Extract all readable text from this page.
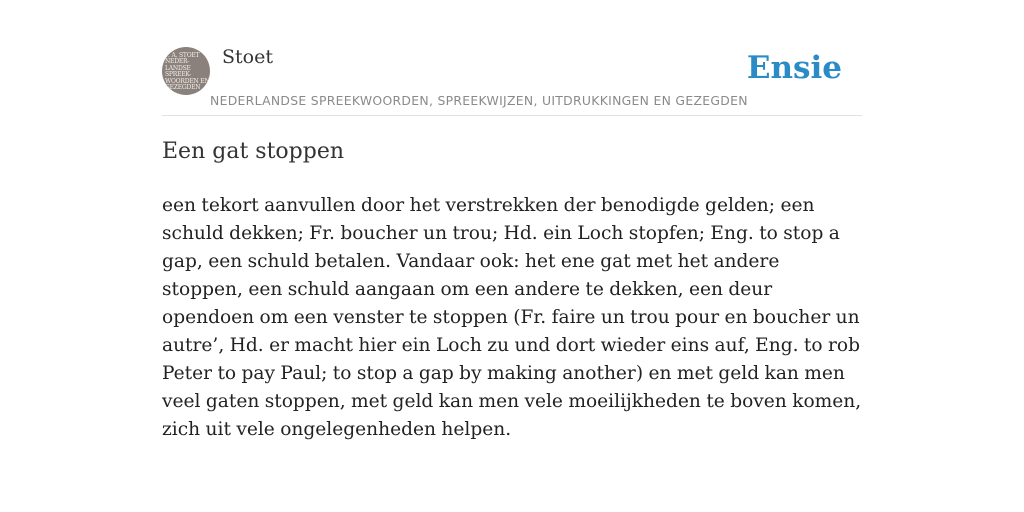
F. A. STOET
NEDER-
LANDSE
SPREEK-
WOORDEN EN
GEZEGDEN
Stoet
NEDERLANDSE SPREEKWOORDEN, SPREEKWIJZEN, UITDRUKKINGEN EN GEZEGDEN
Ensie
Een gat stoppen

een tekort aanvullen door het verstrekken der benodigde gelden; een schuld dekken; Fr. boucher un trou; Hd. ein Loch stopfen; Eng. to stop a gap, een schuld betalen. Vandaar ook: het ene gat met het andere stoppen, een schuld aangaan om een andere te dekken, een deur opendoen om een venster te stoppen (Fr. faire un trou pour en boucher un autre’, Hd. er macht hier ein Loch zu und dort wieder eins auf, Eng. to rob Peter to pay Paul; to stop a gap by making another) en met geld kan men veel gaten stoppen, met geld kan men vele moeilijkheden te boven komen, zich uit vele ongelegenheden helpen.
